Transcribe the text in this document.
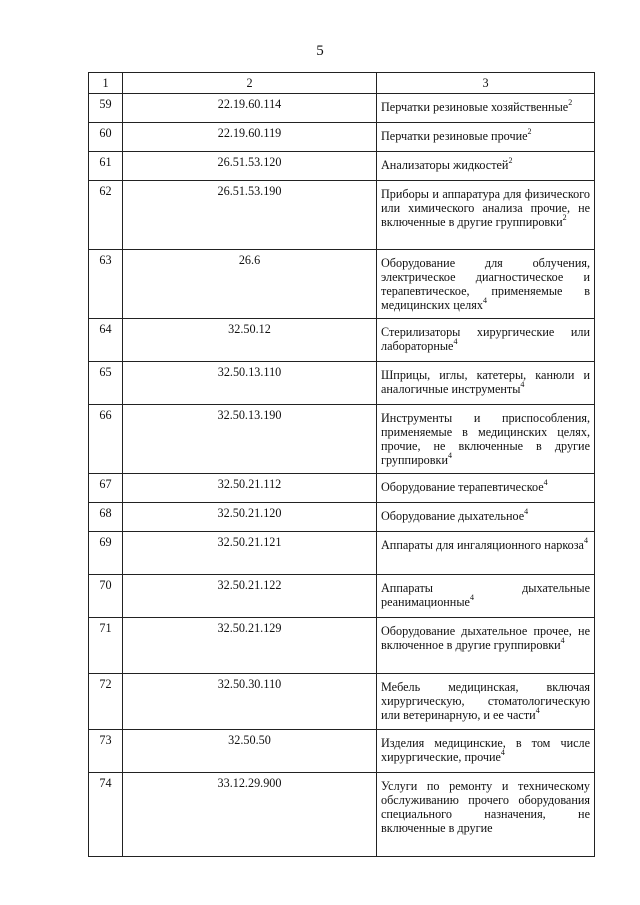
5
1	2	3
59	22.19.60.114	Перчатки резиновые хозяйственные$^2$

60	22.19.60.119	Перчатки резиновые прочие$^2$

61	26.51.53.120	Анализаторы жидкостей$^2$

62	26.51.53.190	Приборы и аппаратура для физического или химического анализа прочие, не включенные в другие группировки$^2$

63	26.6	Оборудование для облучения, электрическое диагностическое и терапевтическое, применяемые в медицинских целях$^4$

64	32.50.12	Стерилизаторы хирургические или лабораторные$^4$

65	32.50.13.110	Шприцы, иглы, катетеры, канюли и аналогичные инструменты$^4$

66	32.50.13.190	Инструменты и приспособления, применяемые в медицинских целях, прочие, не включенные в другие группировки$^4$

67	32.50.21.112	Оборудование терапевтическое$^4$

68	32.50.21.120	Оборудование дыхательное$^4$

69	32.50.21.121	Аппараты для ингаляционного наркоза$^4$

70	32.50.21.122	Аппараты дыхательные реанимационные$^4$

71	32.50.21.129	Оборудование дыхательное прочее, не включенное в другие группировки$^4$

72	32.50.30.110	Мебель медицинская, включая хирургическую, стоматологическую или ветеринарную, и ее части$^4$

73	32.50.50	Изделия медицинские, в том числе хирургические, прочие$^4$

74	33.12.29.900	Услуги по ремонту и техническому обслуживанию прочего оборудования специального назначения, не включенные в другие
